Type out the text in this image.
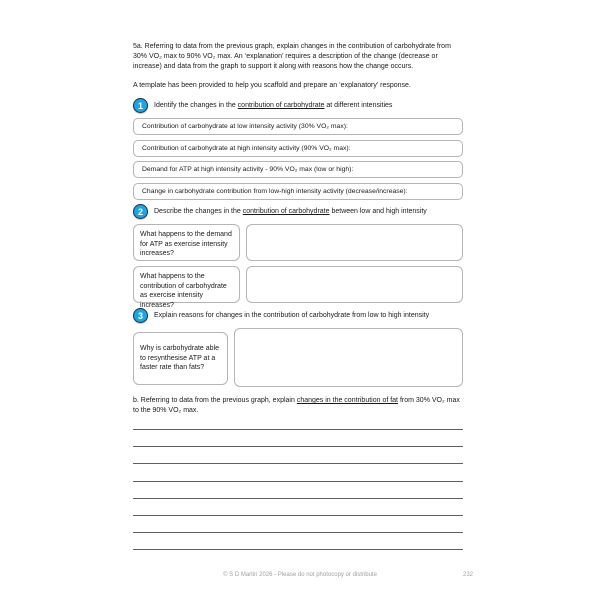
5a. Referring to data from the previous graph, explain changes in the contribution of carbohydrate from 30% VO₂ max to 90% VO₂ max. An ‘explanation’ requires a description of the change (decrease or increase) and data from the graph to support it along with reasons how the change occurs.

A template has been provided to help you scaffold and prepare an ‘explanatory’ response.

1	Identify the changes in the contribution of carbohydrate at different intensities
Contribution of carbohydrate at low intensity activity (30% VO₂ max):
Contribution of carbohydrate at high intensity activity (90% VO₂ max):
Demand for ATP at high intensity activity - 90% VO₂ max (low or high):
Change in carbohydrate contribution from low-high intensity activity (decrease/increase):
2	Describe the changes in the contribution of carbohydrate between low and high intensity
What happens to the demand for ATP as exercise intensity increases?
What happens to the contribution of carbohydrate as exercise intensity increases?
3	Explain reasons for changes in the contribution of carbohydrate from low to high intensity
Why is carbohydrate able to resynthesise ATP at a faster rate than fats?

b. Referring to data from the previous graph, explain changes in the contribution of fat from 30% VO₂ max to the 90% VO₂ max.

© S D Martin 2026 - Please do not photocopy or distribute	232
